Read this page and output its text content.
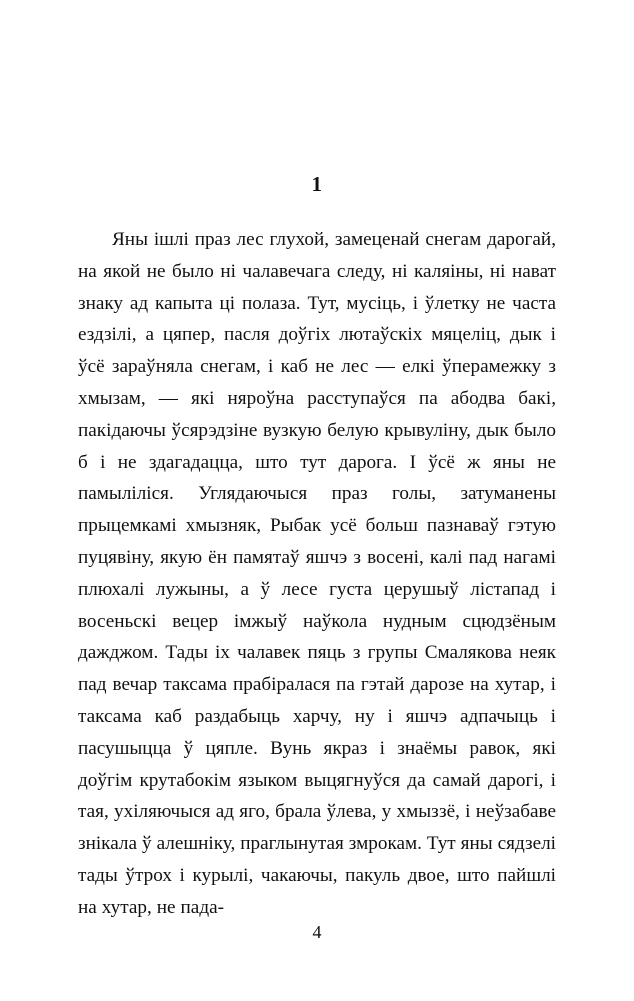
1

Яны ішлі праз лес глухой, замеценай снегам дарогай, на якой не было ні чалавечага следу, ні каляіны, ні нават знаку ад капыта ці полаза. Тут, мусіць, і ўлетку не часта ездзілі, а цяпер, пасля доўгіх лютаўскіх мяцеліц, дык і ўсё зараўняла снегам, і каб не лес — елкі ўперамежку з хмызам, — які няроўна расступаўся па абодва бакі, пакідаючы ўсярэдзіне вузкую белую крывуліну, дык было б і не здагадацца, што тут дарога. І ўсё ж яны не памыліліся. Углядаючыся праз голы, затуманены прыцемкамі хмызняк, Рыбак усё больш пазнаваў гэтую пуцявіну, якую ён памятаў яшчэ з восені, калі пад нагамі плюхалі лужыны, а ў лесе густа церушыў лістапад і восеньскі вецер імжыў наўкола нудным сцюдзёным дажджом. Тады іх чалавек пяць з групы Смалякова неяк пад вечар таксама прабіралася па гэтай дарозе на хутар, і таксама каб раздабыць харчу, ну і яшчэ адпачыць і пасушыцца ў цяпле. Вунь якраз і знаёмы равок, які доўгім крутабокім языком выцягнуўся да самай дарогі, і тая, ухіляючыся ад яго, брала ўлева, у хмыззё, і неўзабаве знікала ў алешніку, праглынутая змрокам. Тут яны сядзелі тады ўтрох і курылі, чакаючы, пакуль двое, што пайшлі на хутар, не пада-

4
